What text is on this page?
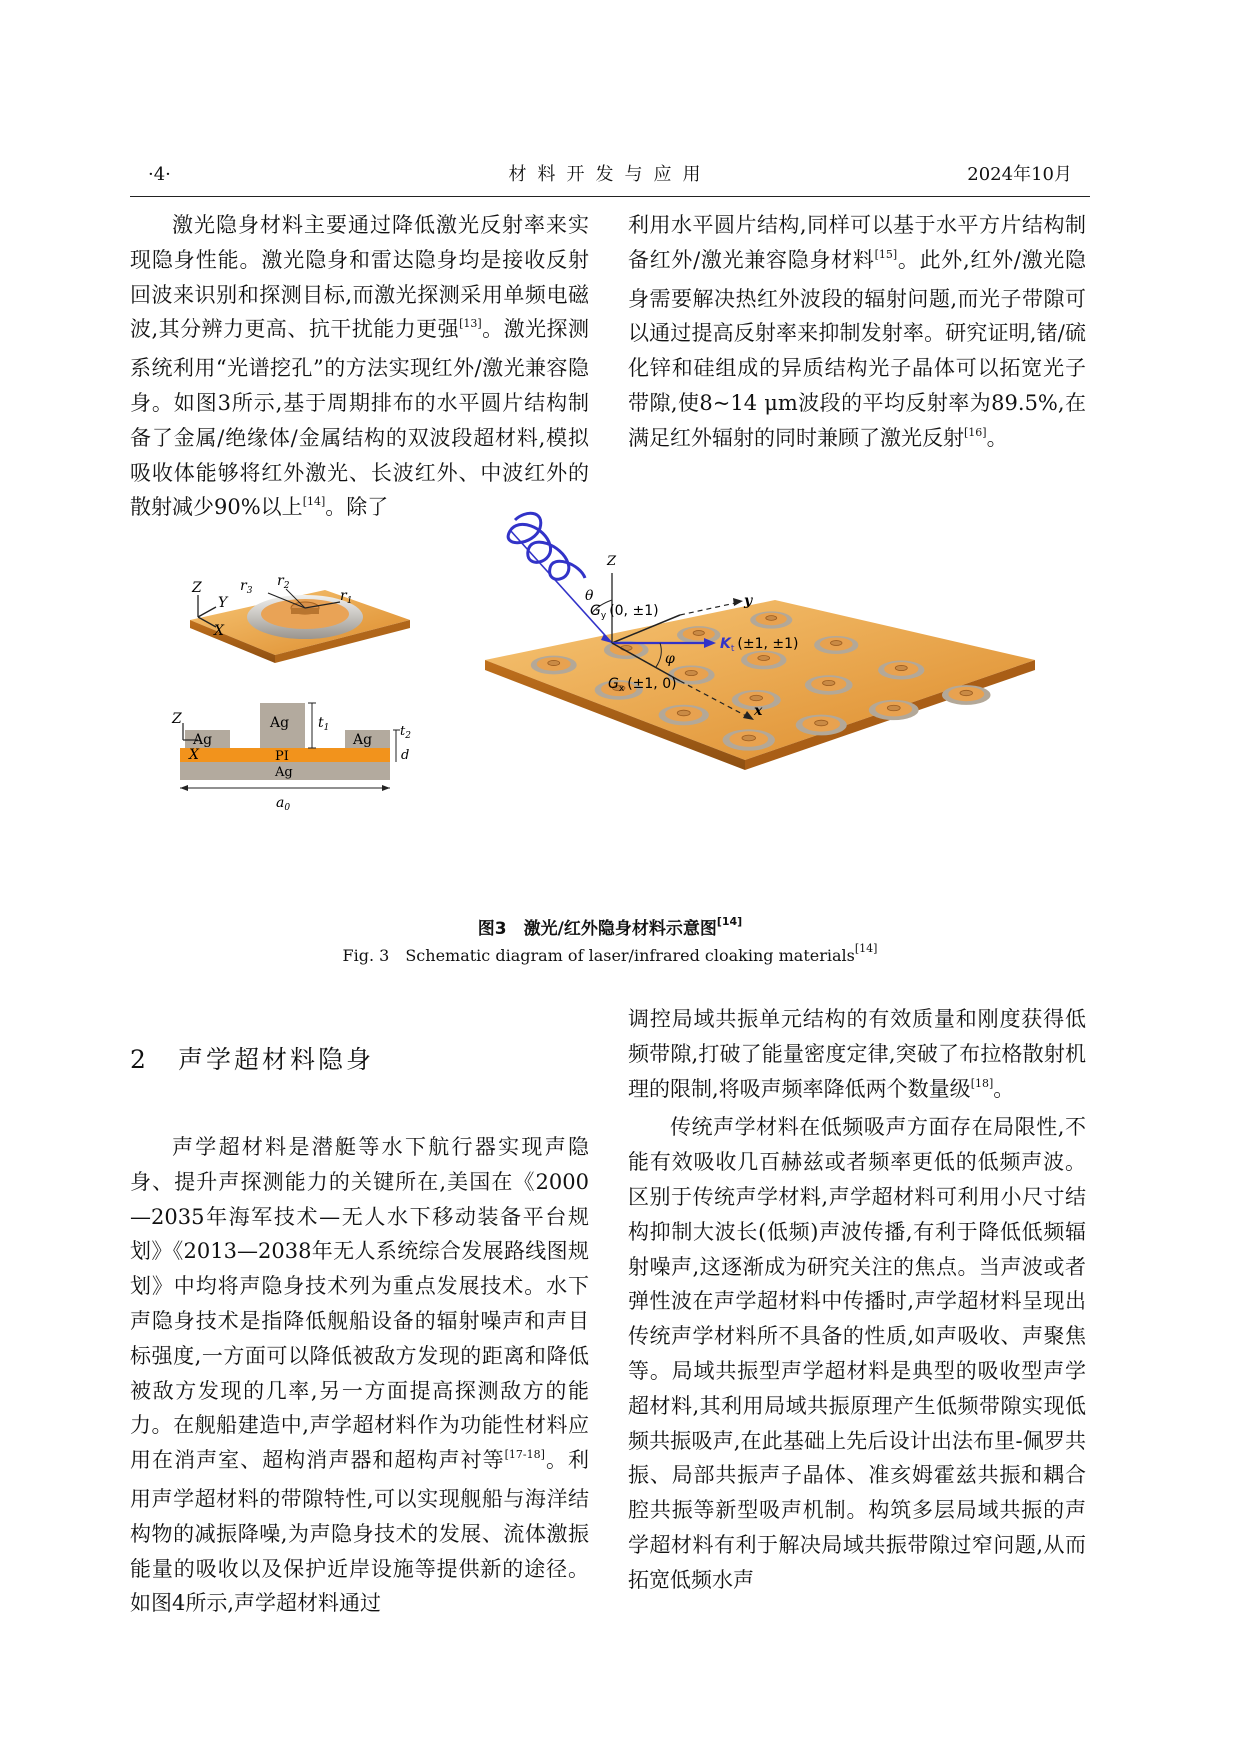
·4·	材料开发与应用	2024年10月

激光隐身材料主要通过降低激光反射率来实现隐身性能。激光隐身和雷达隐身均是接收反射回波来识别和探测目标,而激光探测采用单频电磁波,其分辨力更高、抗干扰能力更强[13]。激光探测系统利用“光谱挖孔”的方法实现红外/激光兼容隐身。如图3所示,基于周期排布的水平圆片结构制备了金属/绝缘体/金属结构的双波段超材料,模拟吸收体能够将红外激光、长波红外、中波红外的散射减少90%以上[14]。除了

利用水平圆片结构,同样可以基于水平方片结构制备红外/激光兼容隐身材料[15]。此外,红外/激光隐身需要解决热红外波段的辐射问题,而光子带隙可以通过提高反射率来抑制发射率。研究证明,锗/硫化锌和硅组成的异质结构光子晶体可以拓宽光子带隙,使8~14 μm波段的平均反射率为89.5%,在满足红外辐射的同时兼顾了激光反射[16]。

Z
Y
X
$r_1$
$r_2$
$r_3$
Ag
Ag
Ag
PI
Ag
Z
X
$t_1$	$t_2$
d
$a_0$
Z
θ
$G_y$ (0, ±1)
y
$K_t$ (±1, ±1)
φ
$G_x$ (±1, 0)
x
图3　激光/红外隐身材料示意图[14]
Fig. 3　Schematic diagram of laser/infrared cloaking materials[14]
2 声学超材料隐身

声学超材料是潜艇等水下航行器实现声隐身、提升声探测能力的关键所在,美国在《2000—2035年海军技术—无人水下移动装备平台规划》《2013—2038年无人系统综合发展路线图规划》中均将声隐身技术列为重点发展技术。水下声隐身技术是指降低舰船设备的辐射噪声和声目标强度,一方面可以降低被敌方发现的距离和降低被敌方发现的几率,另一方面提高探测敌方的能力。在舰船建造中,声学超材料作为功能性材料应用在消声室、超构消声器和超构声衬等[17-18]。利用声学超材料的带隙特性,可以实现舰船与海洋结构物的减振降噪,为声隐身技术的发展、流体激振能量的吸收以及保护近岸设施等提供新的途径。如图4所示,声学超材料通过

调控局域共振单元结构的有效质量和刚度获得低频带隙,打破了能量密度定律,突破了布拉格散射机理的限制,将吸声频率降低两个数量级[18]。

传统声学材料在低频吸声方面存在局限性,不能有效吸收几百赫兹或者频率更低的低频声波。区别于传统声学材料,声学超材料可利用小尺寸结构抑制大波长(低频)声波传播,有利于降低低频辐射噪声,这逐渐成为研究关注的焦点。当声波或者弹性波在声学超材料中传播时,声学超材料呈现出传统声学材料所不具备的性质,如声吸收、声聚焦等。局域共振型声学超材料是典型的吸收型声学超材料,其利用局域共振原理产生低频带隙实现低频共振吸声,在此基础上先后设计出法布里-佩罗共振、局部共振声子晶体、准亥姆霍兹共振和耦合腔共振等新型吸声机制。构筑多层局域共振的声学超材料有利于解决局域共振带隙过窄问题,从而拓宽低频水声
